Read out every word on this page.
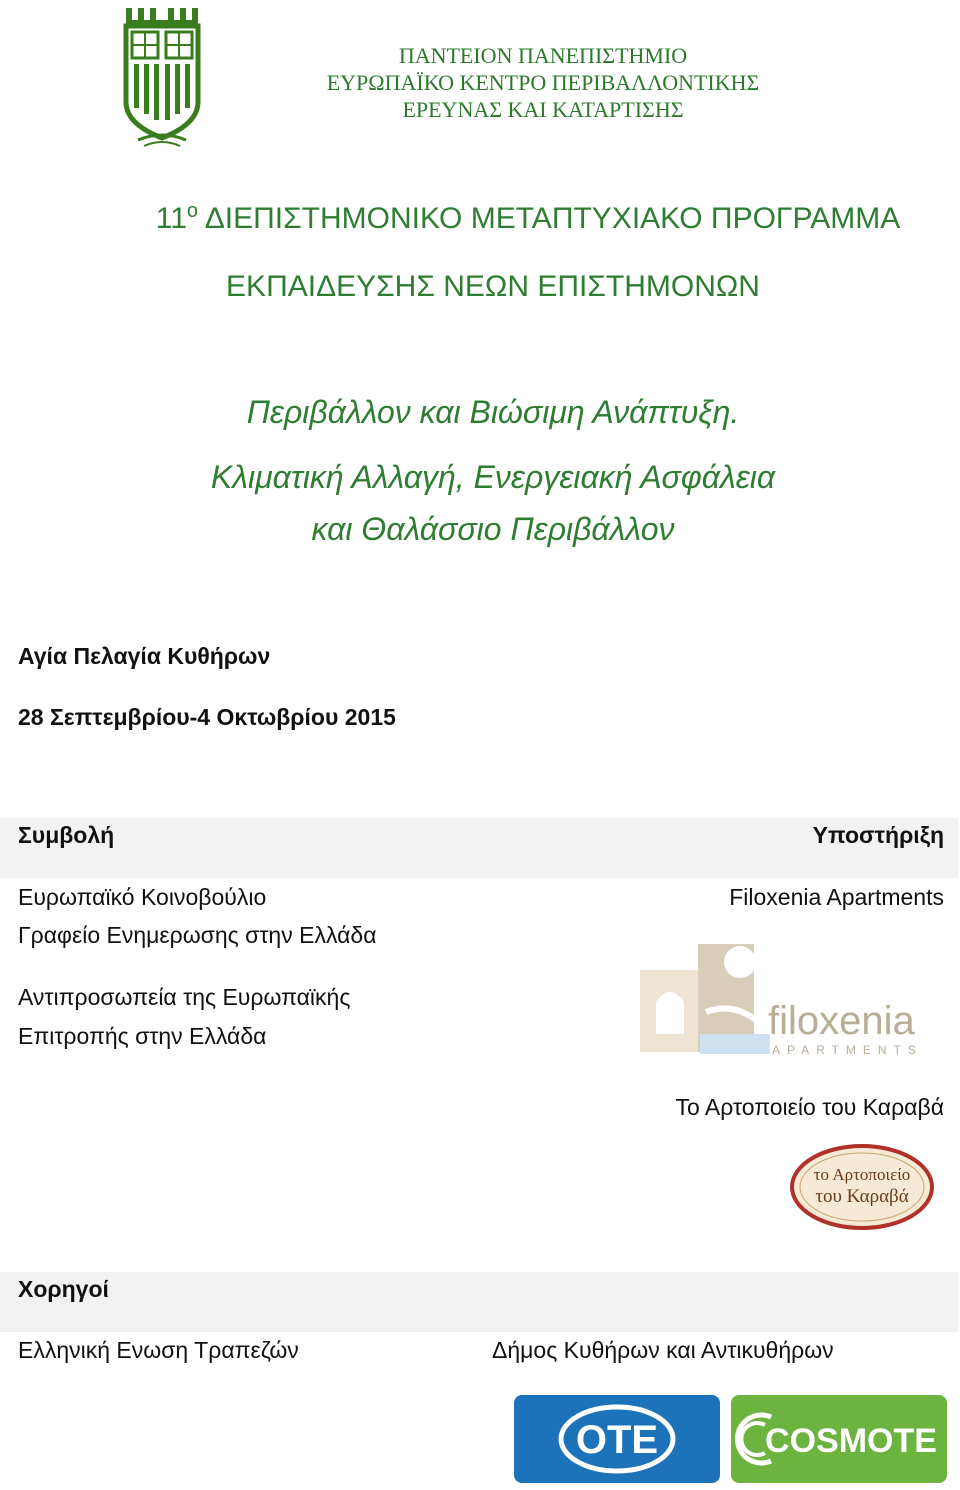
ΠΑΝΤΕΙΟΝ ΠΑΝΕΠΙΣΤΗΜΙΟ
ΕΥΡΩΠΑΪΚΟ ΚΕΝΤΡΟ ΠΕΡΙΒΑΛΛΟΝΤΙΚΗΣ
ΕΡΕΥΝΑΣ ΚΑΙ ΚΑΤΑΡΤΙΣΗΣ
$11^o$ ΔΙΕΠΙΣΤΗΜΟΝΙΚΟ ΜΕΤΑΠΤΥΧΙΑΚΟ ΠΡΟΓΡΑΜΜΑ
ΕΚΠΑΙΔΕΥΣΗΣ ΝΕΩΝ ΕΠΙΣΤΗΜΟΝΩΝ
Περιβάλλον και Βιώσιμη Ανάπτυξη.
Κλιματική Αλλαγή, Ενεργειακή Ασφάλεια
και Θαλάσσιο Περιβάλλον
Αγία Πελαγία Κυθήρων
28 Σεπτεμβρίου-4 Οκτωβρίου 2015
Συμβολή	Υποστήριξη
Ευρωπαϊκό Κοινοβούλιο
Γραφείο Ενημερωσης στην Ελλάδα
Αντιπροσωπεία της Ευρωπαϊκής
Επιτροπής στην Ελλάδα
Filoxenia Apartments
filoxenia
APARTMENTS
Το Αρτοποιείο του Καραβά
το Αρτοποιείο
του Καραβά
Χορηγοί
Ελληνική Ενωση Τραπεζών	Δήμος Κυθήρων και Αντικυθήρων
OTE	COSMOTE
